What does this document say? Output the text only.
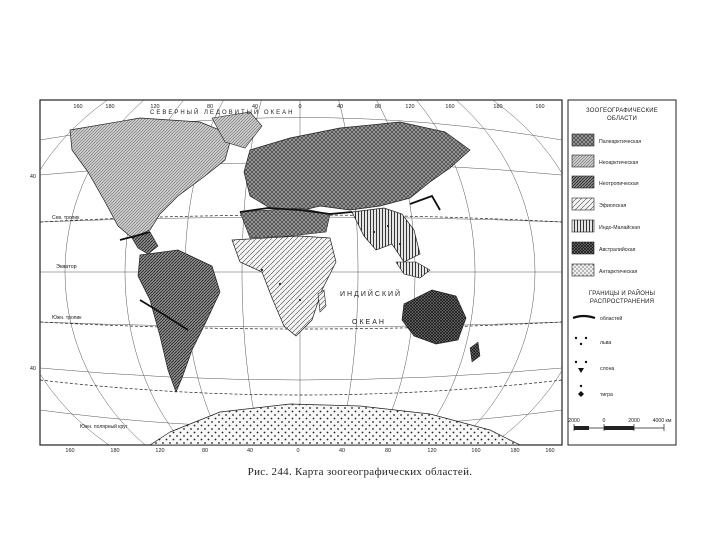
160	180	120	80	40	0	40	80	120	160	180	160
160	180	120	80	40	0	40	80	120	160	180	160
40
Экватор
40
СЕВЕРНЫЙ ЛЕДОВИТЫЙ ОКЕАН
ИНДИЙСКИЙ
ОКЕАН
Сев. тропик
Южн. тропик
Южн. полярный круг
ЗООГЕОГРАФИЧЕСКИЕ
ОБЛАСТИ
Палеарктическая
Неоарктическая
Неотропическая
Эфиопская
Индо-Малайская
Австралийская
Антарктическая
ГРАНИЦЫ И РАЙОНЫ
РАСПРОСТРАНЕНИЯ
областей
льва
слона
тигра
2000	0	2000 4000 км
Рис. 244. Карта зоогеографических областей.
